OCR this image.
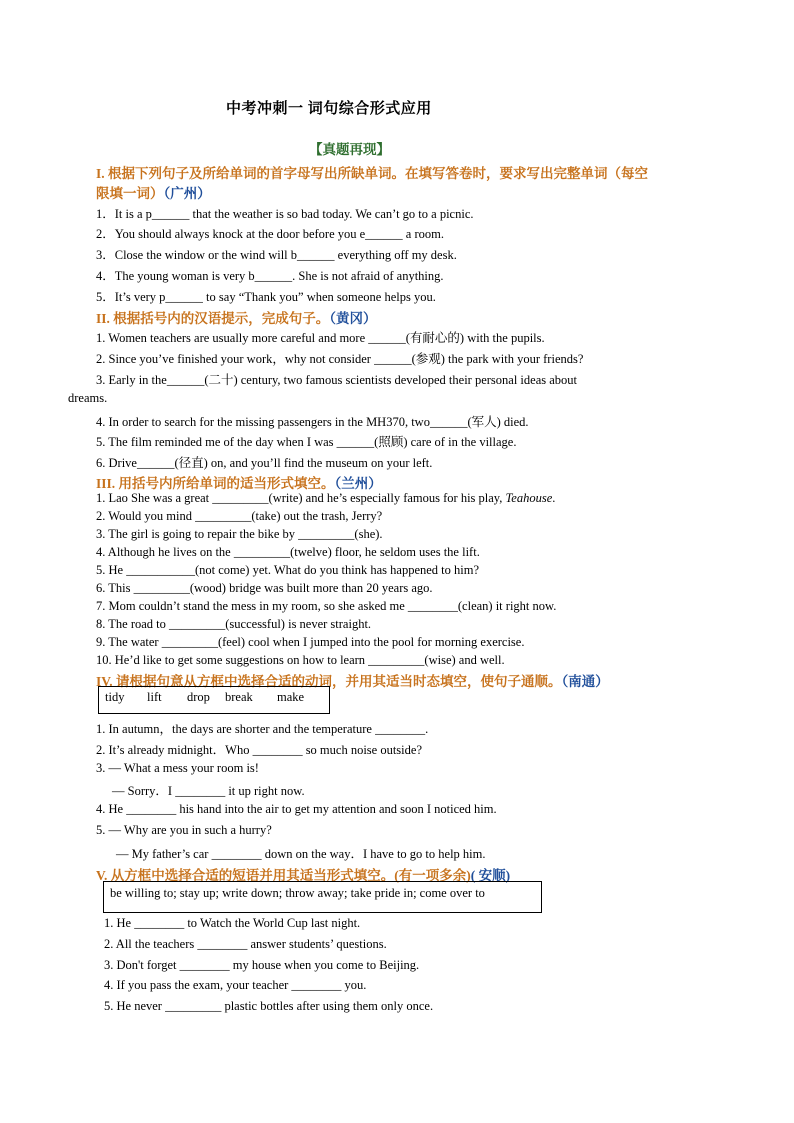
中考冲刺一 词句综合形式应用
【真题再现】
I. 根据下列句子及所给单词的首字母写出所缺单词。在填写答卷时，要求写出完整单词（每空
限填一词）（广州）
1．It is a p______ that the weather is so bad today. We can’t go to a picnic.
2．You should always knock at the door before you e______ a room.
3．Close the window or the wind will b______ everything off my desk.
4．The young woman is very b______. She is not afraid of anything.
5．It’s very p______ to say “Thank you” when someone helps you.
II. 根据括号内的汉语提示，完成句子。（黄冈）
1. Women teachers are usually more careful and more ______(有耐心的) with the pupils.
2. Since you’ve finished your work，why not consider ______(参观) the park with your friends?
3. Early in the______(二十) century, two famous scientists developed their personal ideas about
dreams.
4. In order to search for the missing passengers in the MH370, two______(军人) died.
5. The film reminded me of the day when I was ______(照顾) care of in the village.
6. Drive______(径直) on, and you’ll find the museum on your left.
III. 用括号内所给单词的适当形式填空。（兰州）
1. Lao She was a great _________(write) and he’s especially famous for his play, Teahouse.
2. Would you mind _________(take) out the trash, Jerry?
3. The girl is going to repair the bike by _________(she).
4. Although he lives on the _________(twelve) floor, he seldom uses the lift.
5. He ___________(not come) yet. What do you think has happened to him?
6. This _________(wood) bridge was built more than 20 years ago.
7. Mom couldn’t stand the mess in my room, so she asked me ________(clean) it right now.
8. The road to _________(successful) is never straight.
9. The water _________(feel) cool when I jumped into the pool for morning exercise.
10. He’d like to get some suggestions on how to learn _________(wise) and well.
IV. 请根据句意从方框中选择合适的动词，并用其适当时态填空，使句子通顺。（南通）
tidy lift drop break make
1. In autumn，the days are shorter and the temperature ________.
2. It’s already midnight．Who ________ so much noise outside?
3. — What a mess your room is!
— Sorry．I ________ it up right now.
4. He ________ his hand into the air to get my attention and soon I noticed him.
5. — Why are you in such a hurry?
— My father’s car ________ down on the way．I have to go to help him.
V. 从方框中选择合适的短语并用其适当形式填空。(有一项多余)( 安顺)
be willing to; stay up; write down; throw away; take pride in; come over to
1. He ________ to Watch the World Cup last night.
2. All the teachers ________ answer students’ questions.
3. Don't forget ________ my house when you come to Beijing.
4. If you pass the exam, your teacher ________ you.
5. He never _________ plastic bottles after using them only once.
